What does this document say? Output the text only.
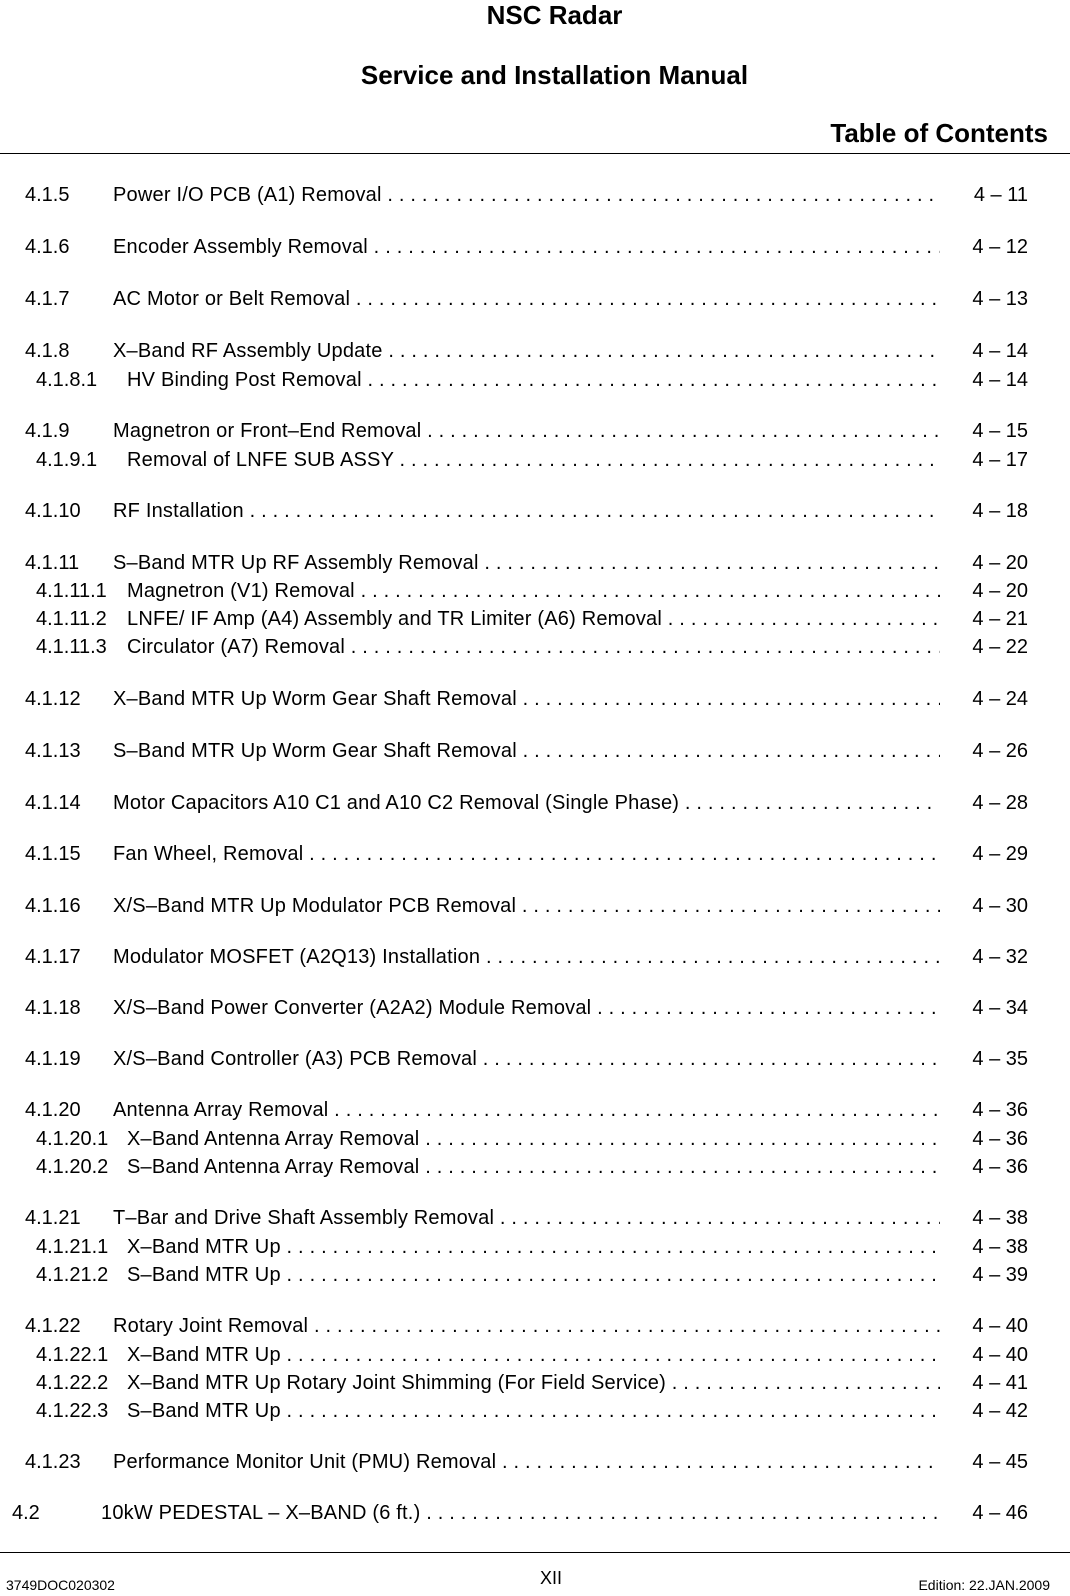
NSC Radar
Service and Installation Manual
Table of Contents
4.1.5 Power I/O PCB (A1) Removal . . .	4 – 11
4.1.6 Encoder Assembly Removal . . .	4 – 12
4.1.7 AC Motor or Belt Removal . . .	4 – 13
4.1.8 X–Band RF Assembly Update . . .	4 – 14
4.1.8.1 HV Binding Post Removal . . .	4 – 14
4.1.9 Magnetron or Front–End Removal . . .	4 – 15
4.1.9.1 Removal of LNFE SUB ASSY . . .	4 – 17
4.1.10 RF Installation . . .	4 – 18
4.1.11 S–Band MTR Up RF Assembly Removal . . .	4 – 20
4.1.11.1 Magnetron (V1) Removal . . .	4 – 20
4.1.11.2 LNFE/ IF Amp (A4) Assembly and TR Limiter (A6) Removal . . .	4 – 21
4.1.11.3 Circulator (A7) Removal . . .	4 – 22
4.1.12 X–Band MTR Up Worm Gear Shaft Removal . . .	4 – 24
4.1.13 S–Band MTR Up Worm Gear Shaft Removal . . .	4 – 26
4.1.14 Motor Capacitors A10 C1 and A10 C2 Removal (Single Phase) . . .	4 – 28
4.1.15 Fan Wheel, Removal . . .	4 – 29
4.1.16 X/S–Band MTR Up Modulator PCB Removal . . .	4 – 30
4.1.17 Modulator MOSFET (A2Q13) Installation . . .	4 – 32
4.1.18 X/S–Band Power Converter (A2A2) Module Removal . . .	4 – 34
4.1.19 X/S–Band Controller (A3) PCB Removal . . .	4 – 35
4.1.20 Antenna Array Removal . . .	4 – 36
4.1.20.1 X–Band Antenna Array Removal . . .	4 – 36
4.1.20.2 S–Band Antenna Array Removal . . .	4 – 36
4.1.21 T–Bar and Drive Shaft Assembly Removal . . .	4 – 38
4.1.21.1 X–Band MTR Up . . .	4 – 38
4.1.21.2 S–Band MTR Up . . .	4 – 39
4.1.22 Rotary Joint Removal . . .	4 – 40
4.1.22.1 X–Band MTR Up . . .	4 – 40
4.1.22.2 X–Band MTR Up Rotary Joint Shimming (For Field Service) . . .	4 – 41
4.1.22.3 S–Band MTR Up . . .	4 – 42
4.1.23 Performance Monitor Unit (PMU) Removal . . .	4 – 45
4.2	10kW PEDESTAL – X–BAND (6 ft.) . . .	4 – 46
3749DOC020302	XII	Edition: 22.JAN.2009
